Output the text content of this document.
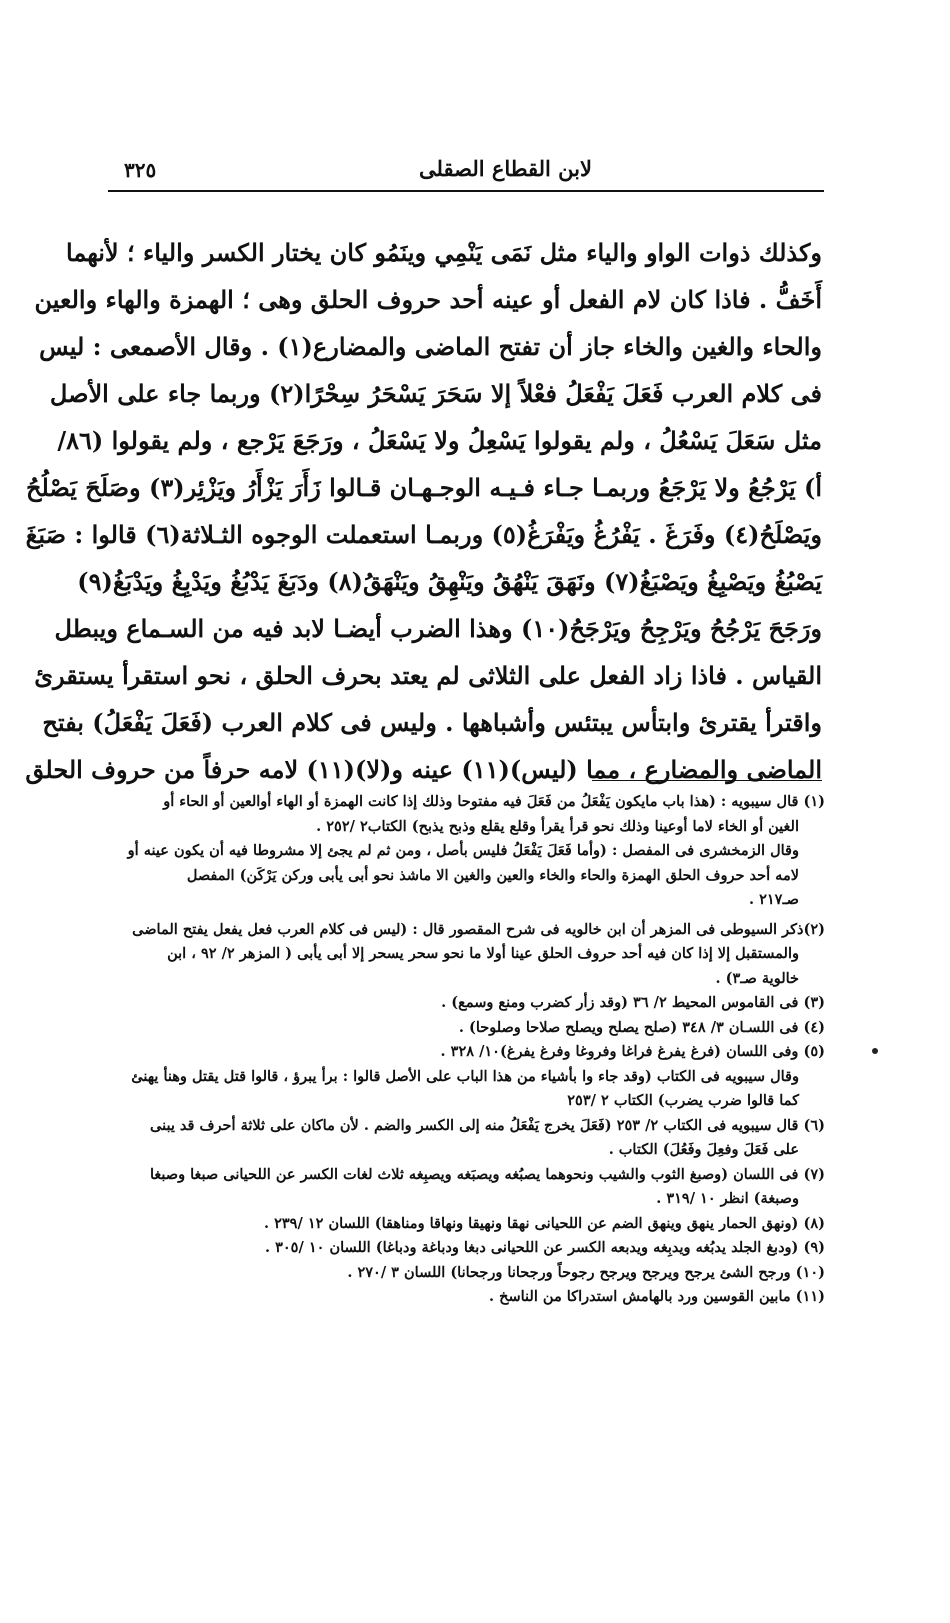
لابن القطاع الصقلى
٣٢٥
وكذلك ذوات الواو والياء مثل نَمَى يَنْمِي وينَمُو كان يختار الكسر والياء ؛ لأنهما
أَخَفُّ . فاذا كان لام الفعل أو عينه أحد حروف الحلق وهى ؛ الهمزة والهاء والعين
والحاء والغين والخاء جاز أن تفتح الماضى والمضارع(١) . وقال الأصمعى : ليس
فى كلام العرب فَعَلَ يَفْعَلُ فعْلاً إلا سَحَرَ يَسْحَرُ سِحْرًا(٢) وربما جاء على الأصل
مثل سَعَلَ يَسْعُلُ ، ولم يقولوا يَسْعِلُ ولا يَسْعَلُ ، ورَجَعَ يَرْجع ، ولم يقولوا (٨٦/
أ) يَرْجُعُ ولا يَرْجَعُ وربمـا جـاء فـيـه الوجـهـان قـالوا زَأَرَ يَزْأَرُ ويَزْئِر(٣) وصَلَحَ يَصْلُحُ
ويَصْلَحُ(٤) وفَرَغَ . يَفْرُغُ ويَفْرَغُ(٥) وربمـا استعملت الوجوه الثـلاثة(٦) قالوا : صَبَغَ
يَصْبُغُ ويَصْبِغُ ويَصْبَغُ(٧) ونَهَقَ يَنْهُقُ ويَنْهِقُ ويَنْهَقُ(٨) ودَبَغَ يَدْبُغُ ويَدْبِغُ ويَدْبَغُ(٩)
ورَجَحَ يَرْجُحُ ويَرْجِحُ ويَرْجَحُ(١٠) وهذا الضرب أيضـا لابد فيه من السـماع ويبطل
القياس . فاذا زاد الفعل على الثلاثى لم يعتد بحرف الحلق ، نحو استقرأ يستقرئ
واقترأ يقترئ وابتأس يبتئس وأشباهها . وليس فى كلام العرب (فَعَلَ يَفْعَلُ) بفتح
الماضى والمضارع ، مما (ليس)(١١) عينه و(لا)(١١) لامه حرفاً من حروف الحلق
(١) قال سيبويه : (هذا باب مايكون يَفْعَلُ من فَعَلَ فيه مفتوحا وذلك إذا كانت الهمزة أو الهاء أوالعين أو الحاء أو
الغين أو الخاء لاما أوعينا وذلك نحو قرأ يقرأ وقلع يقلع وذبح يذبح) الكتاب٢ /٢٥٢ .
وقال الزمخشرى فى المفصل : (وأما فَعَلَ يَفْعَلُ فليس بأصل ، ومن ثم لم يجئ إلا مشروطا فيه أن يكون عينه أو
لامه أحد حروف الحلق الهمزة والحاء والخاء والعين والغين الا ماشذ نحو أبى يأبى وركن يَرْكَن) المفصل
صـ٢١٧ .
(٢)ذكر السيوطى فى المزهر أن ابن خالويه فى شرح المقصور قال : (ليس فى كلام العرب فعل يفعل يفتح الماضى
والمستقبل إلا إذا كان فيه أحد حروف الحلق عينا أولا ما نحو سحر يسحر إلا أبى يأبى ( المزهر ٢/ ٩٢ ، ابن
خالوية صـ٣) .
(٣) فى القاموس المحيط ٢/ ٣٦ (وقد زأر كضرب ومنع وسمع) .
(٤) فى اللسـان ٣/ ٣٤٨ (صلح يصلح ويصلح صلاحا وصلوحا) .
(٥) وفى اللسان (فرغ يفرغ فراغا وفروغا وفرغ يفرغ)١٠/ ٣٢٨ .
وقال سيبويه فى الكتاب (وقد جاء وا بأشياء من هذا الباب على الأصل قالوا : برأ يبرؤ ، قالوا قتل يقتل وهنأ يهنئ
كما قالوا ضرب يضرب) الكتاب ٢ /٢٥٣
(٦) قال سيبويه فى الكتاب ٢/ ٢٥٣ (فَعَلَ يخرج يَفْعَلُ منه إلى الكسر والضم . لأن ماكان على ثلاثة أحرف قد يبنى
على فَعَلَ وفعِلَ وفَعُلَ) الكتاب .
(٧) فى اللسان (وصبغ الثوب والشيب ونحوهما يصبُغه ويصبَغه ويصبِغه ثلاث لغات الكسر عن اللحيانى صبغا وصبغا
وصبغة) انظر ١٠ /٣١٩ .
(٨) (ونهق الحمار ينهق وينهق الضم عن اللحيانى نهقا ونهيقا ونهاقا ومناهقا) اللسان ١٢ /٢٣٩ .
(٩) (ودبغ الجلد يدبُغه ويدبِغه ويدبعه الكسر عن اللحيانى دبغا ودباغة ودباغا) اللسان ١٠ /٣٠٥ .
(١٠) ورجح الشئ يرجح ويرجح ويرجح رجوحاً ورجحانا ورجحانا) اللسان ٣ /٢٧٠ .
(١١) مابين القوسين ورد بالهامش استدراكا من الناسخ .
